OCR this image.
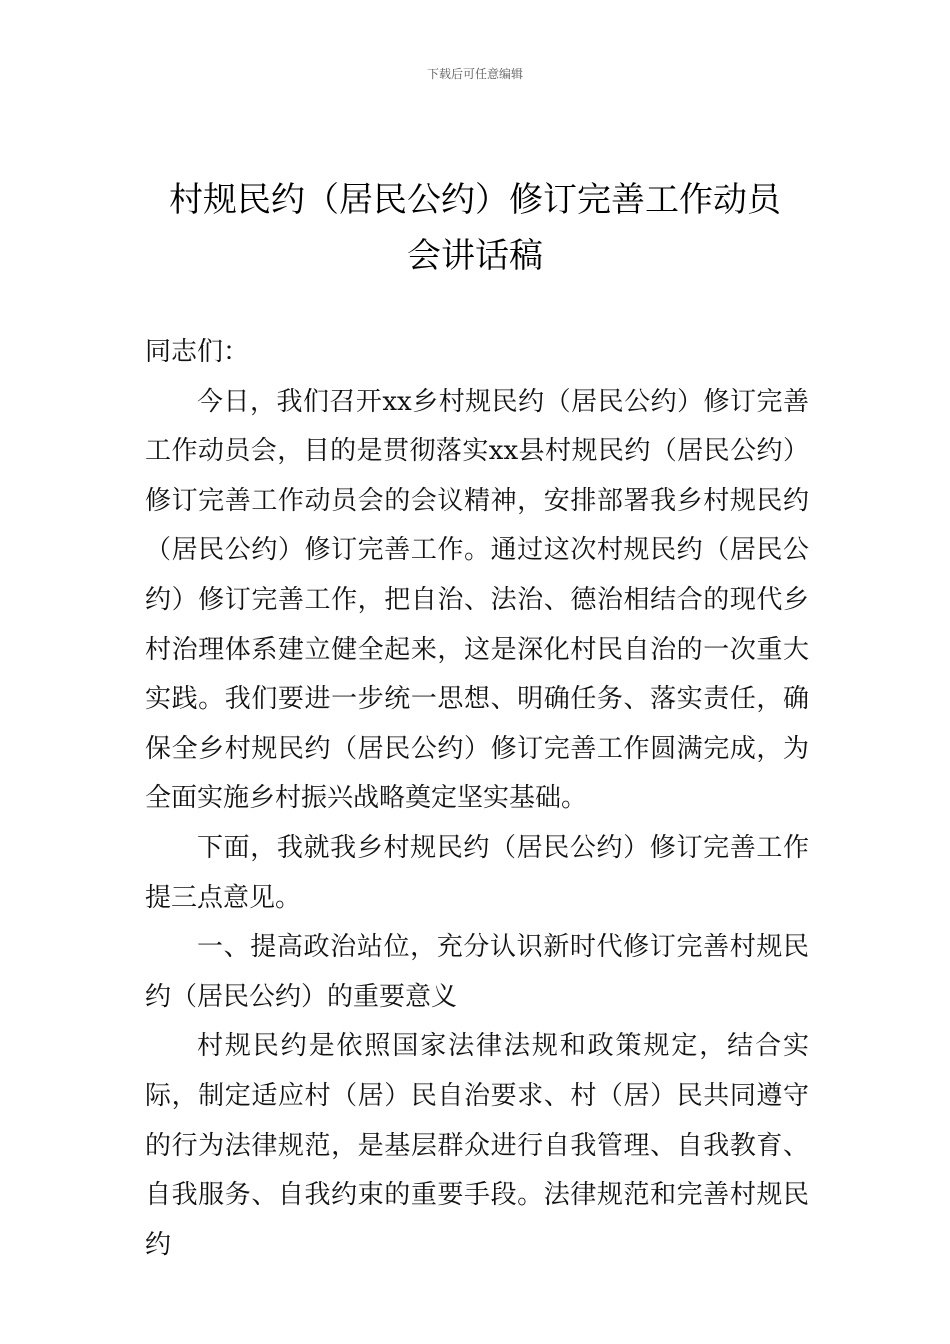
下载后可任意编辑
村规民约（居民公约）修订完善工作动员
会讲话稿

同志们：

今日，我们召开xx乡村规民约（居民公约）修订完善工作动员会，目的是贯彻落实xx县村规民约（居民公约）修订完善工作动员会的会议精神，安排部署我乡村规民约（居民公约）修订完善工作。通过这次村规民约（居民公约）修订完善工作，把自治、法治、德治相结合的现代乡村治理体系建立健全起来，这是深化村民自治的一次重大实践。我们要进一步统一思想、明确任务、落实责任，确保全乡村规民约（居民公约）修订完善工作圆满完成，为全面实施乡村振兴战略奠定坚实基础。

下面，我就我乡村规民约（居民公约）修订完善工作提三点意见。

一、提高政治站位，充分认识新时代修订完善村规民约（居民公约）的重要意义

村规民约是依照国家法律法规和政策规定，结合实际，制定适应村（居）民自治要求、村（居）民共同遵守的行为法律规范，是基层群众进行自我管理、自我教育、自我服务、自我约束的重要手段。法律规范和完善村规民约
